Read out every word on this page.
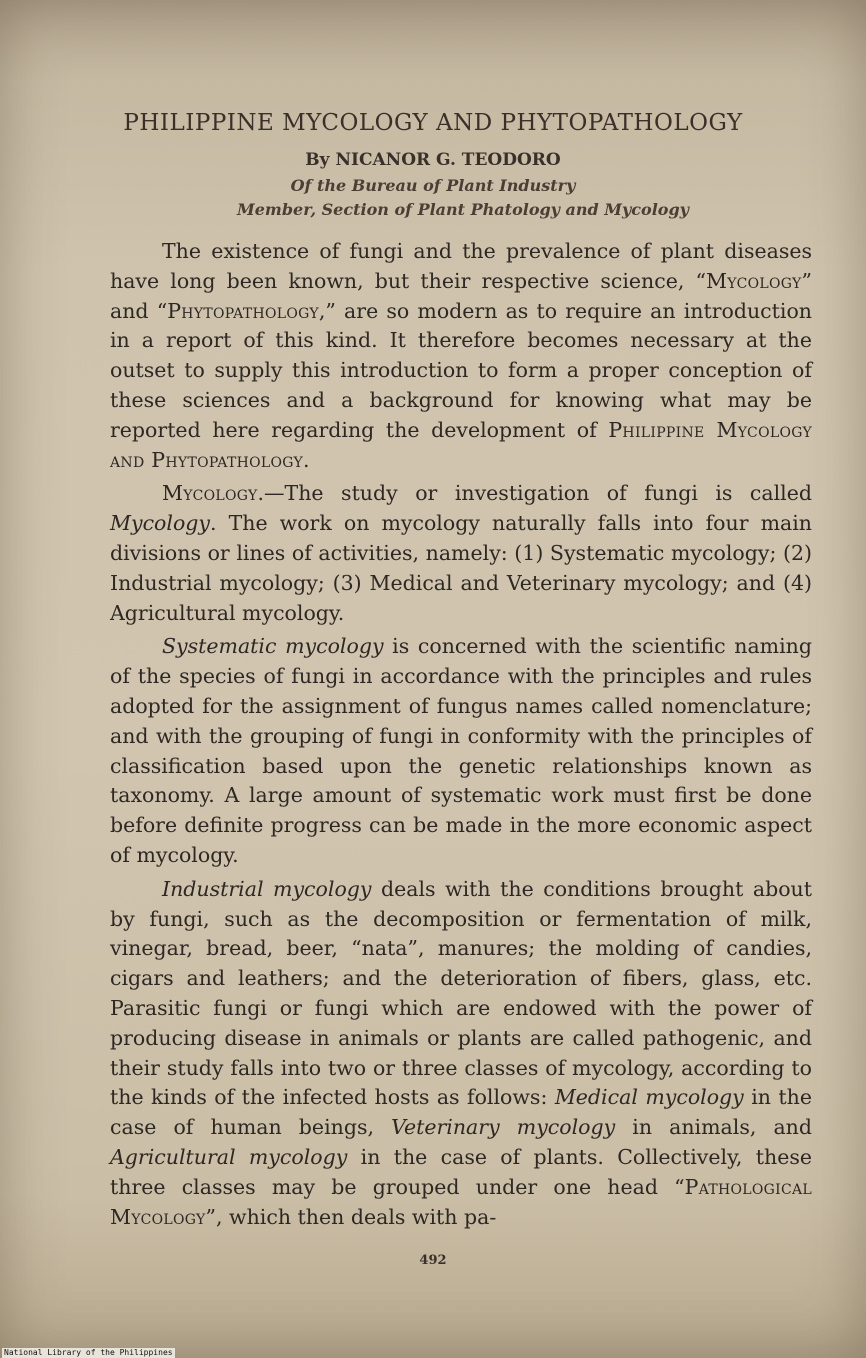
PHILIPPINE MYCOLOGY AND PHYTOPATHOLOGY
By NICANOR G. TEODORO
Of the Bureau of Plant Industry
Member, Section of Plant Phatology and Mycology

The existence of fungi and the prevalence of plant diseases have long been known, but their respective science, “Mycology” and “Phytopathology,” are so modern as to require an introduction in a report of this kind. It therefore becomes necessary at the outset to supply this introduction to form a proper conception of these sciences and a background for knowing what may be reported here regarding the development of Philippine Mycology and Phytopathology.

Mycology.—The study or investigation of fungi is called Mycology. The work on mycology naturally falls into four main divisions or lines of activities, namely: (1) Systematic mycology; (2) Industrial mycology; (3) Medical and Veterinary mycology; and (4) Agricultural mycology.

Systematic mycology is concerned with the scientific naming of the species of fungi in accordance with the principles and rules adopted for the assignment of fungus names called nomenclature; and with the grouping of fungi in conformity with the principles of classification based upon the genetic relationships known as taxonomy. A large amount of systematic work must first be done before definite progress can be made in the more economic aspect of mycology.

Industrial mycology deals with the conditions brought about by fungi, such as the decomposition or fermentation of milk, vinegar, bread, beer, “nata”, manures; the molding of candies, cigars and leathers; and the deterioration of fibers, glass, etc. Parasitic fungi or fungi which are endowed with the power of producing disease in animals or plants are called pathogenic, and their study falls into two or three classes of mycology, according to the kinds of the infected hosts as follows: Medical mycology in the case of human beings, Veterinary mycology in animals, and Agricultural mycology in the case of plants. Collectively, these three classes may be grouped under one head “Pathological Mycology”, which then deals with pa-

492
National Library of the Philippines
